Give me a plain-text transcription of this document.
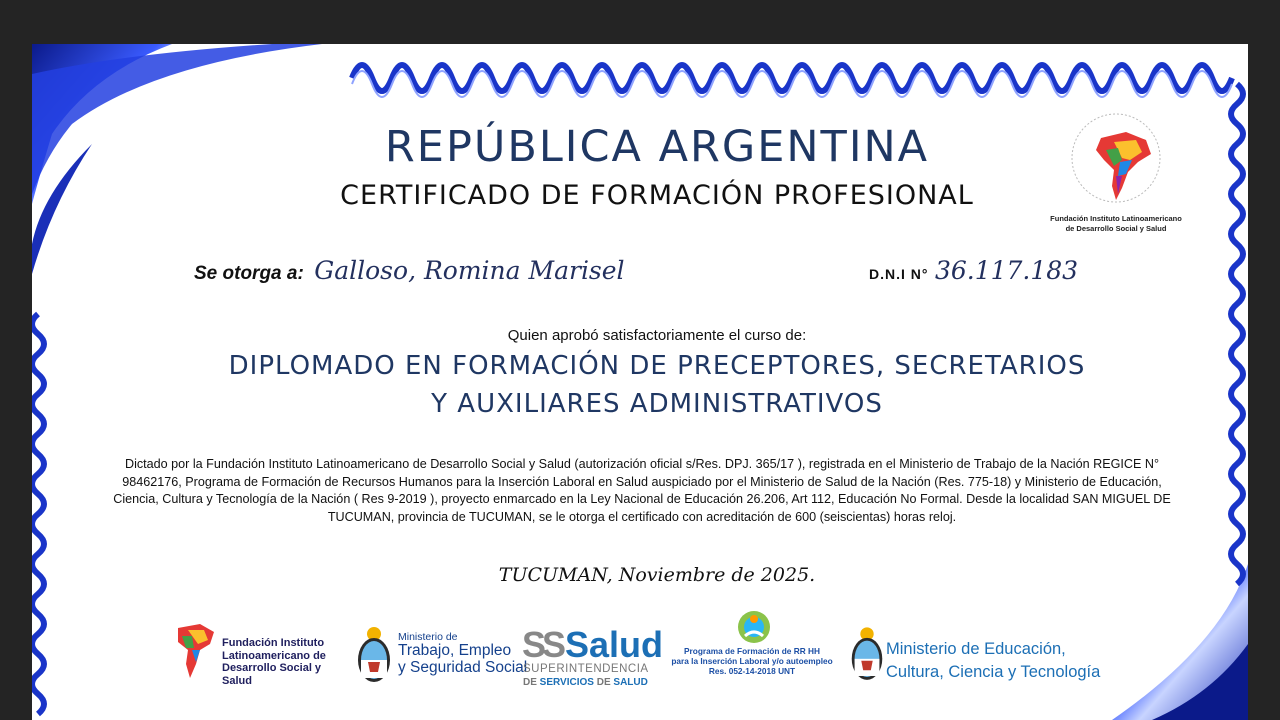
REPÚBLICA ARGENTINA
CERTIFICADO DE FORMACIÓN PROFESIONAL
Fundación Instituto Latinoamericano
de Desarrollo Social y Salud
Se otorga a: Galloso, Romina Marisel	D.N.I N° 36.117.183
Quien aprobó satisfactoriamente el curso de:
DIPLOMADO EN FORMACIÓN DE PRECEPTORES, SECRETARIOS
Y AUXILIARES ADMINISTRATIVOS
Dictado por la Fundación Instituto Latinoamericano de Desarrollo Social y Salud (autorización oficial s/Res. DPJ. 365/17 ), registrada en el Ministerio de Trabajo de la Nación REGICE N° 98462176, Programa de Formación de Recursos Humanos para la Inserción Laboral en Salud auspiciado por el Ministerio de Salud de la Nación (Res. 775-18) y Ministerio de Educación, Ciencia, Cultura y Tecnología de la Nación ( Res 9-2019 ), proyecto enmarcado en la Ley Nacional de Educación 26.206, Art 112, Educación No Formal. Desde la localidad SAN MIGUEL DE TUCUMAN, provincia de TUCUMAN, se le otorga el certificado con acreditación de 600 (seiscientas) horas reloj.
TUCUMAN, Noviembre de 2025.
Fundación Instituto
Latinoamericano de
Desarrollo Social y
Salud
Ministerio de
Trabajo, Empleo
y Seguridad Social
SS Salud
SUPERINTENDENCIA
DE SERVICIOS DE SALUD
Programa de Formación de RR HH
para la Inserción Laboral y/o autoempleo
Res. 052-14-2018 UNT
Ministerio de Educación,
Cultura, Ciencia y Tecnología
